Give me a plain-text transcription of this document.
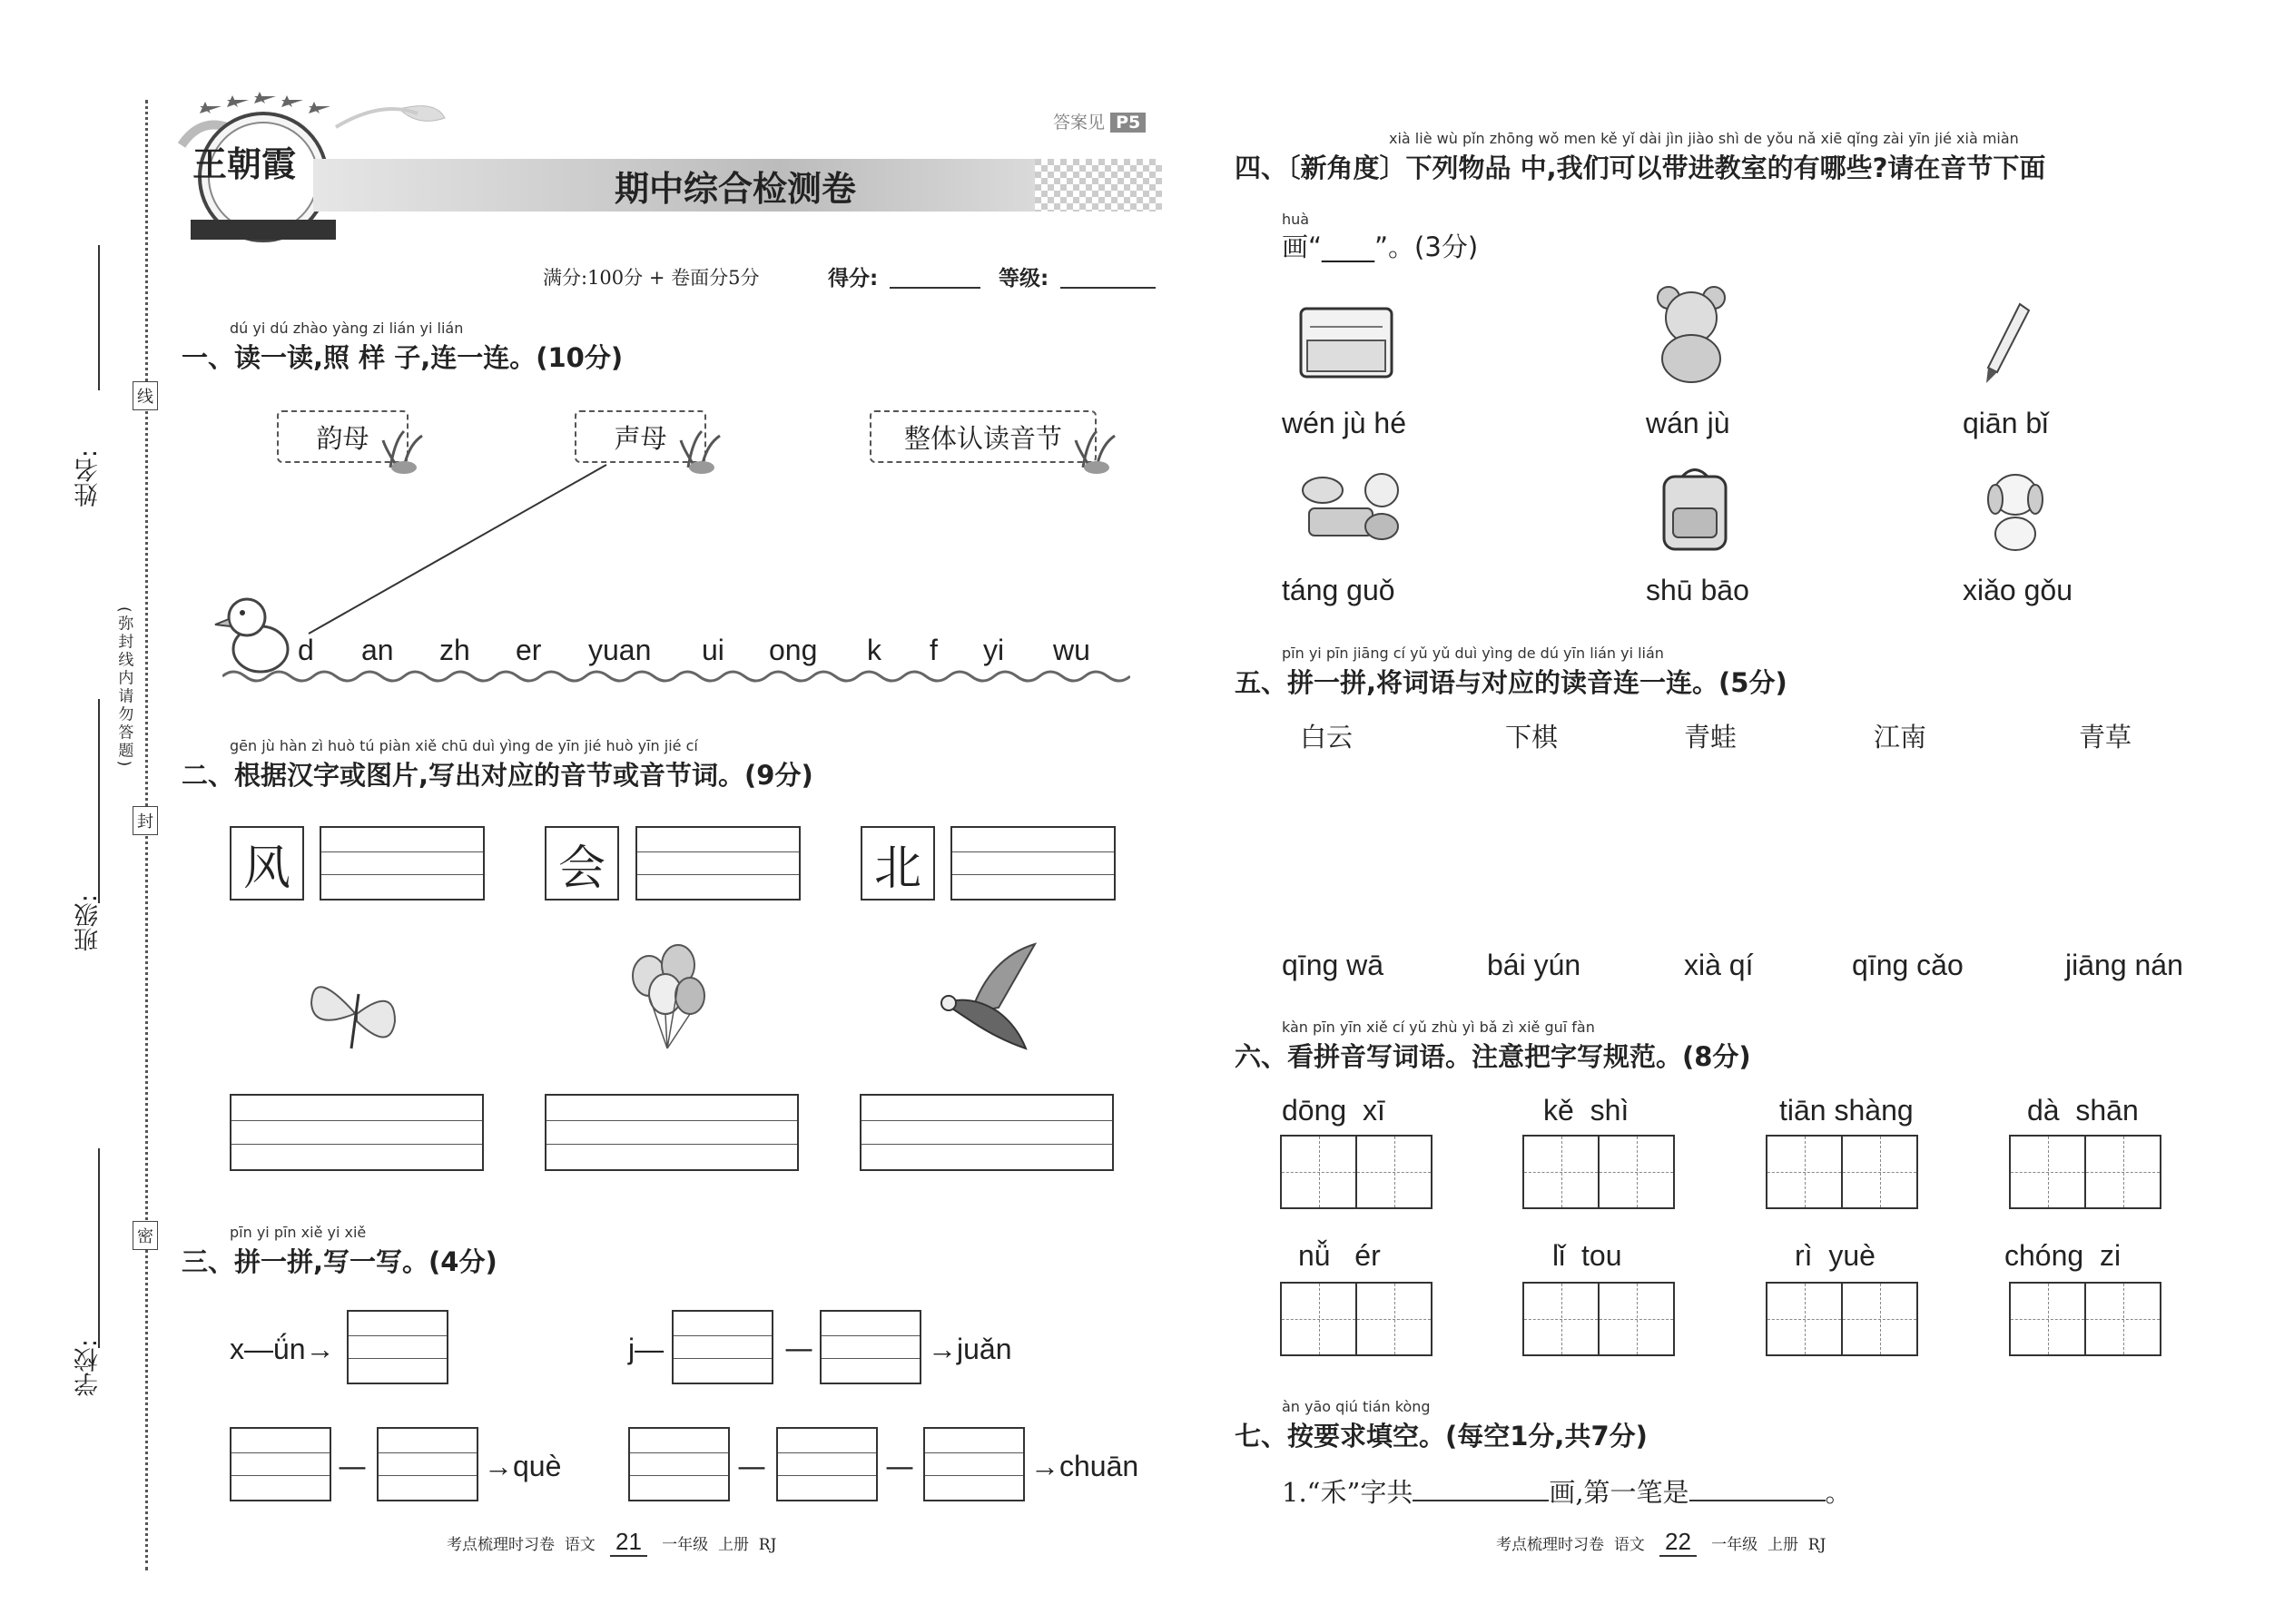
姓名:
班级:
学校:
线
封
密
(弥封线内请勿答题)
王朝霞
答案见 P5
期中综合检测卷
满分:100分 + 卷面分5分	得分:	等级:
dú yi dú zhào yàng zi lián yi lián
一、读一读,照 样 子,连一连。(10分)
韵母	声母	整体认读音节
d an zh er yuan ui ong k f yi wu
gēn jù hàn zì huò tú piàn xiě chū duì yìng de yīn jié huò yīn jié cí
二、根据汉字或图片,写出对应的音节或音节词。(9分)
风	会	北
pīn yi pīn xiě yi xiě
三、拼一拼,写一写。(4分)
x—ǘn→	j—	—	→juǎn
—	→què	—	—	→chuān
考点梳理时习卷 语文 21 一年级 上册 RJ
xià liè wù pǐn zhōng wǒ men kě yǐ dài jìn jiào shì de yǒu nǎ xiē qǐng zài yīn jié xià miàn
四、〔新角度〕下列物品 中,我们可以带进教室的有哪些?请在音节下面
huà
画“____”。(3分)
wén jù hé	wán jù	qiān bǐ
táng guǒ	shū bāo	xiǎo gǒu
pīn yi pīn jiāng cí yǔ yǔ duì yìng de dú yīn lián yi lián
五、拼一拼,将词语与对应的读音连一连。(5分)
白云	下棋	青蛙	江南	青草
qīng wā	bái yún	xià qí	qīng cǎo	jiāng nán
kàn pīn yīn xiě cí yǔ zhù yì bǎ zì xiě guī fàn
六、看拼音写词语。注意把字写规范。(8分)
dōng  xī	kě  shì	tiān shàng	dà  shān
nǚ   ér	lǐ  tou	rì  yuè	chóng  zi
àn yāo qiú tián kòng
七、按要求填空。(每空1分,共7分)
1.“禾”字共	画,第一笔是	。
考点梳理时习卷 语文 22 一年级 上册 RJ
